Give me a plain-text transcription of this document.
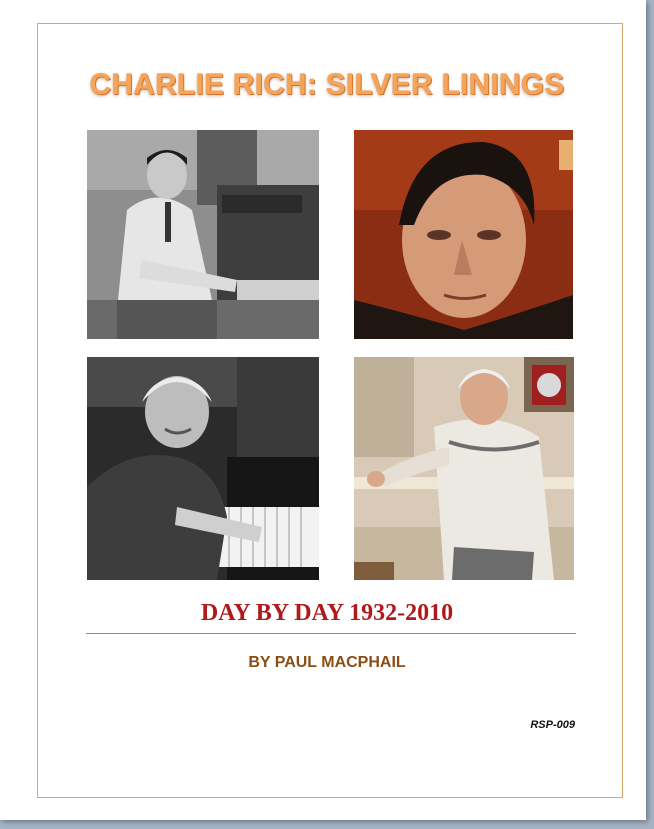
CHARLIE RICH: SILVER LININGS
DAY BY DAY 1932-2010

BY PAUL MACPHAIL

RSP-009
